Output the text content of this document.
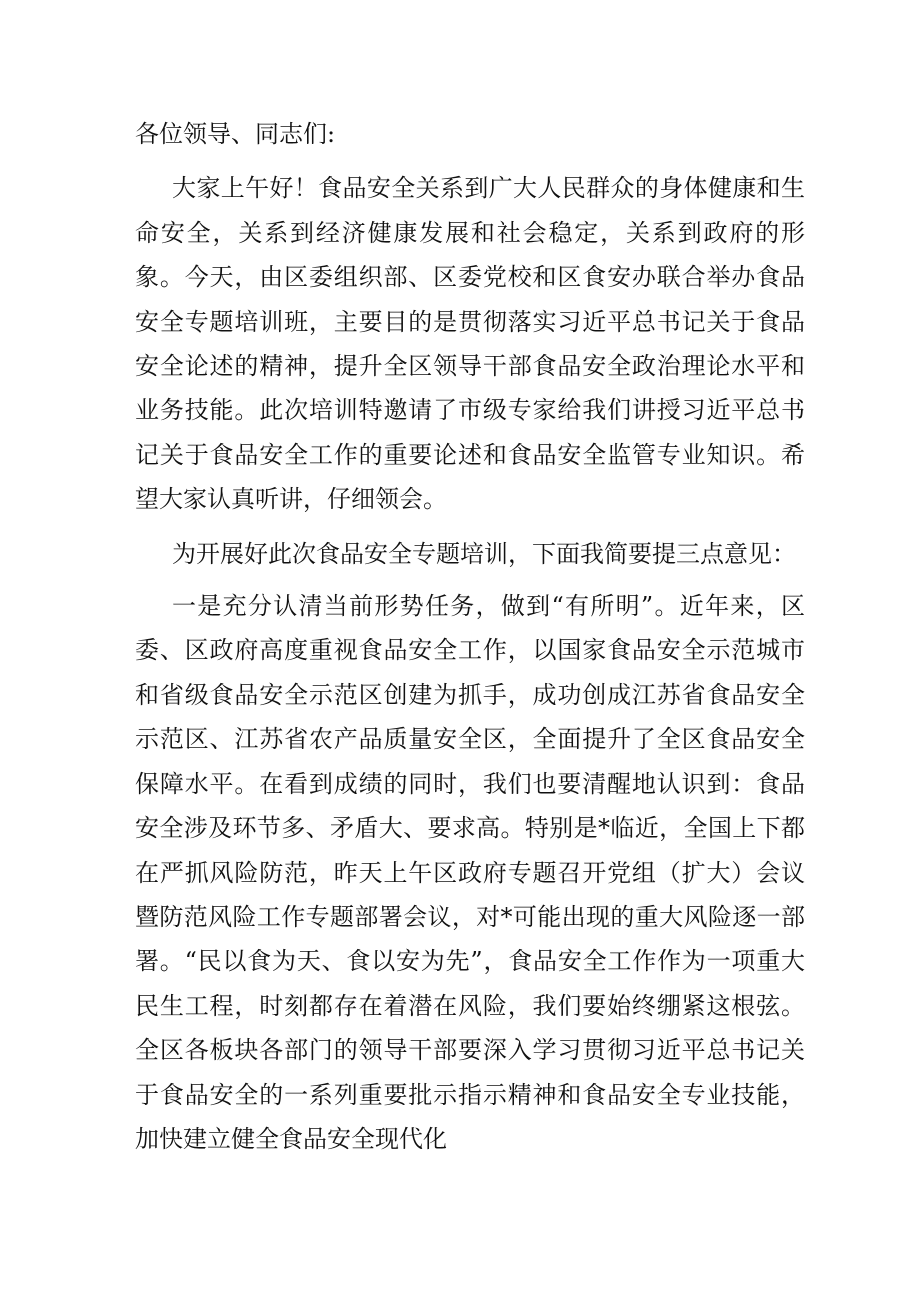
各位领导、同志们:

大家上午好！食品安全关系到广大人民群众的身体健康和生命安全，关系到经济健康发展和社会稳定，关系到政府的形象。今天，由区委组织部、区委党校和区食安办联合举办食品安全专题培训班，主要目的是贯彻落实习近平总书记关于食品安全论述的精神，提升全区领导干部食品安全政治理论水平和业务技能。此次培训特邀请了市级专家给我们讲授习近平总书记关于食品安全工作的重要论述和食品安全监管专业知识。希望大家认真听讲，仔细领会。

为开展好此次食品安全专题培训，下面我简要提三点意见：

一是充分认清当前形势任务，做到“有所明”。近年来，区委、区政府高度重视食品安全工作，以国家食品安全示范城市和省级食品安全示范区创建为抓手，成功创成江苏省食品安全示范区、江苏省农产品质量安全区，全面提升了全区食品安全保障水平。在看到成绩的同时，我们也要清醒地认识到：食品安全涉及环节多、矛盾大、要求高。特别是*临近，全国上下都在严抓风险防范，昨天上午区政府专题召开党组（扩大）会议暨防范风险工作专题部署会议，对*可能出现的重大风险逐一部署。“民以食为天、食以安为先”，食品安全工作作为一项重大民生工程，时刻都存在着潜在风险，我们要始终绷紧这根弦。全区各板块各部门的领导干部要深入学习贯彻习近平总书记关于食品安全的一系列重要批示指示精神和食品安全专业技能，加快建立健全食品安全现代化
